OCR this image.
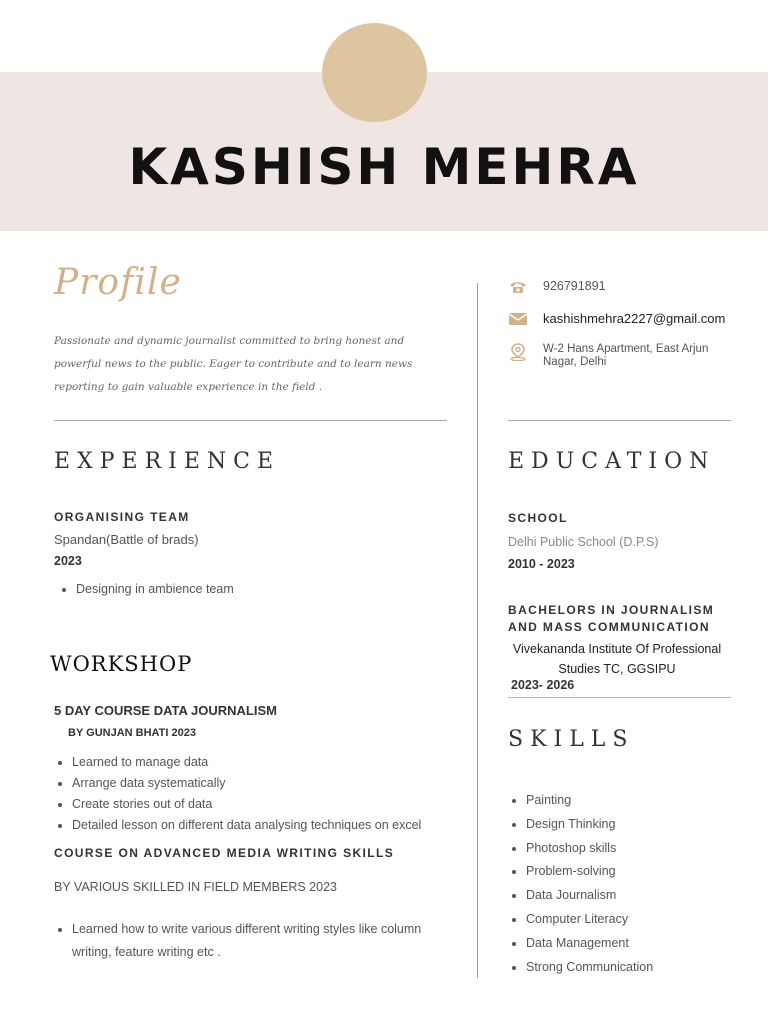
KASHISH MEHRA
Profile
Passionate and dynamic journalist committed to bring honest and powerful news to the public. Eager to contribute and to learn news reporting to gain valuable experience in the field .
926791891
kashishmehra2227@gmail.com
W-2 Hans Apartment, East Arjun Nagar, Delhi
EXPERIENCE
ORGANISING TEAM
Spandan(Battle of brads)
2023
• Designing in ambience team
EDUCATION
SCHOOL
Delhi Public School (D.P.S)
2010 - 2023
BACHELORS IN JOURNALISM AND MASS COMMUNICATION
Vivekananda Institute Of Professional Studies TC, GGSIPU
2023- 2026
WORKSHOP
5 DAY COURSE DATA JOURNALISM
BY GUNJAN BHATI 2023
• Learned to manage data
• Arrange data systematically
• Create stories out of data
• Detailed lesson on different data analysing techniques on excel
COURSE ON ADVANCED MEDIA WRITING SKILLS
BY VARIOUS SKILLED IN FIELD MEMBERS 2023
• Learned how to write various different writing styles like column writing, feature writing etc .
SKILLS
• Painting
• Design Thinking
• Photoshop skills
• Problem-solving
• Data Journalism
• Computer Literacy
• Data Management
• Strong Communication
